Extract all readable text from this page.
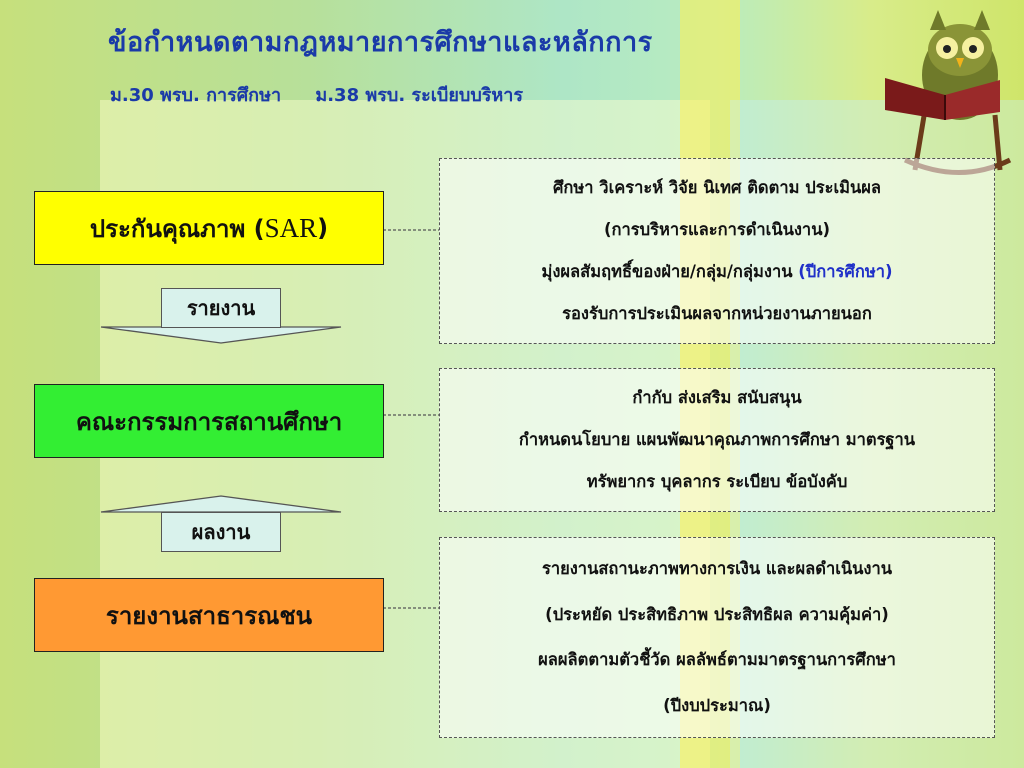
ข้อกำหนดตามกฎหมายการศึกษาและหลักการ
ม.30 พรบ. การศึกษา ม.38 พรบ. ระเบียบบริหาร
ประกันคุณภาพ ( SAR )
คณะกรรมการสถานศึกษา
รายงานสาธารณชน
รายงาน
ผลงาน
ศึกษา วิเคราะห์ วิจัย นิเทศ ติดตาม ประเมินผล
(การบริหารและการดำเนินงาน)
มุ่งผลสัมฤทธิ์ของฝ่าย/กลุ่ม/กลุ่มงาน (ปีการศึกษา)
รองรับการประเมินผลจากหน่วยงานภายนอก
กำกับ ส่งเสริม สนับสนุน
กำหนดนโยบาย แผนพัฒนาคุณภาพการศึกษา มาตรฐาน
ทรัพยากร บุคลากร ระเบียบ ข้อบังคับ
รายงานสถานะภาพทางการเงิน และผลดำเนินงาน
(ประหยัด ประสิทธิภาพ ประสิทธิผล ความคุ้มค่า)
ผลผลิตตามตัวชี้วัด ผลลัพธ์ตามมาตรฐานการศึกษา
(ปีงบประมาณ)
